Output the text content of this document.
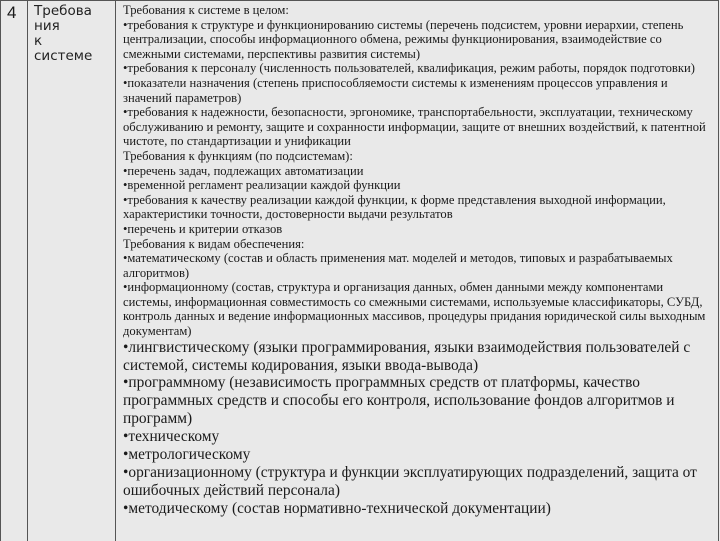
4	Требова
ния
к
системе

Требования к системе в целом:

• требования к структуре и функционированию системы (перечень подсистем, уровни иерархии, степень централизации, способы информационного обмена, режимы функционирования, взаимодействие со смежными системами, перспективы развития системы)

• требования к персоналу (численность пользователей, квалификация, режим работы, порядок подготовки)

• показатели назначения (степень приспособляемости системы к изменениям процессов управления и значений параметров)

• требования к надежности, безопасности, эргономике, транспортабельности, эксплуатации, техническому обслуживанию и ремонту, защите и сохранности информации, защите от внешних воздействий, к патентной чистоте, по стандартизации и унификации

Требования к функциям (по подсистемам):

• перечень задач, подлежащих автоматизации

• временной регламент реализации каждой функции

• требования к качеству реализации каждой функции, к форме представления выходной информации, характеристики точности, достоверности выдачи результатов

• перечень и критерии отказов

Требования к видам обеспечения:

• математическому (состав и область применения мат. моделей и методов, типовых и разрабатываемых алгоритмов)

• информационному (состав, структура и организация данных, обмен данными между компонентами системы, информационная совместимость со смежными системами, используемые классификаторы, СУБД, контроль данных и ведение информационных массивов, процедуры придания юридической силы выходным документам)

• лингвистическому (языки программирования, языки взаимодействия пользователей с системой, системы кодирования, языки ввода-вывода)

• программному (независимость программных средств от платформы, качество программных средств и способы его контроля, использование фондов алгоритмов и программ)

• техническому

• метрологическому

• организационному (структура и функции эксплуатирующих подразделений, защита от ошибочных действий персонала)

• методическому (состав нормативно-технической документации)
